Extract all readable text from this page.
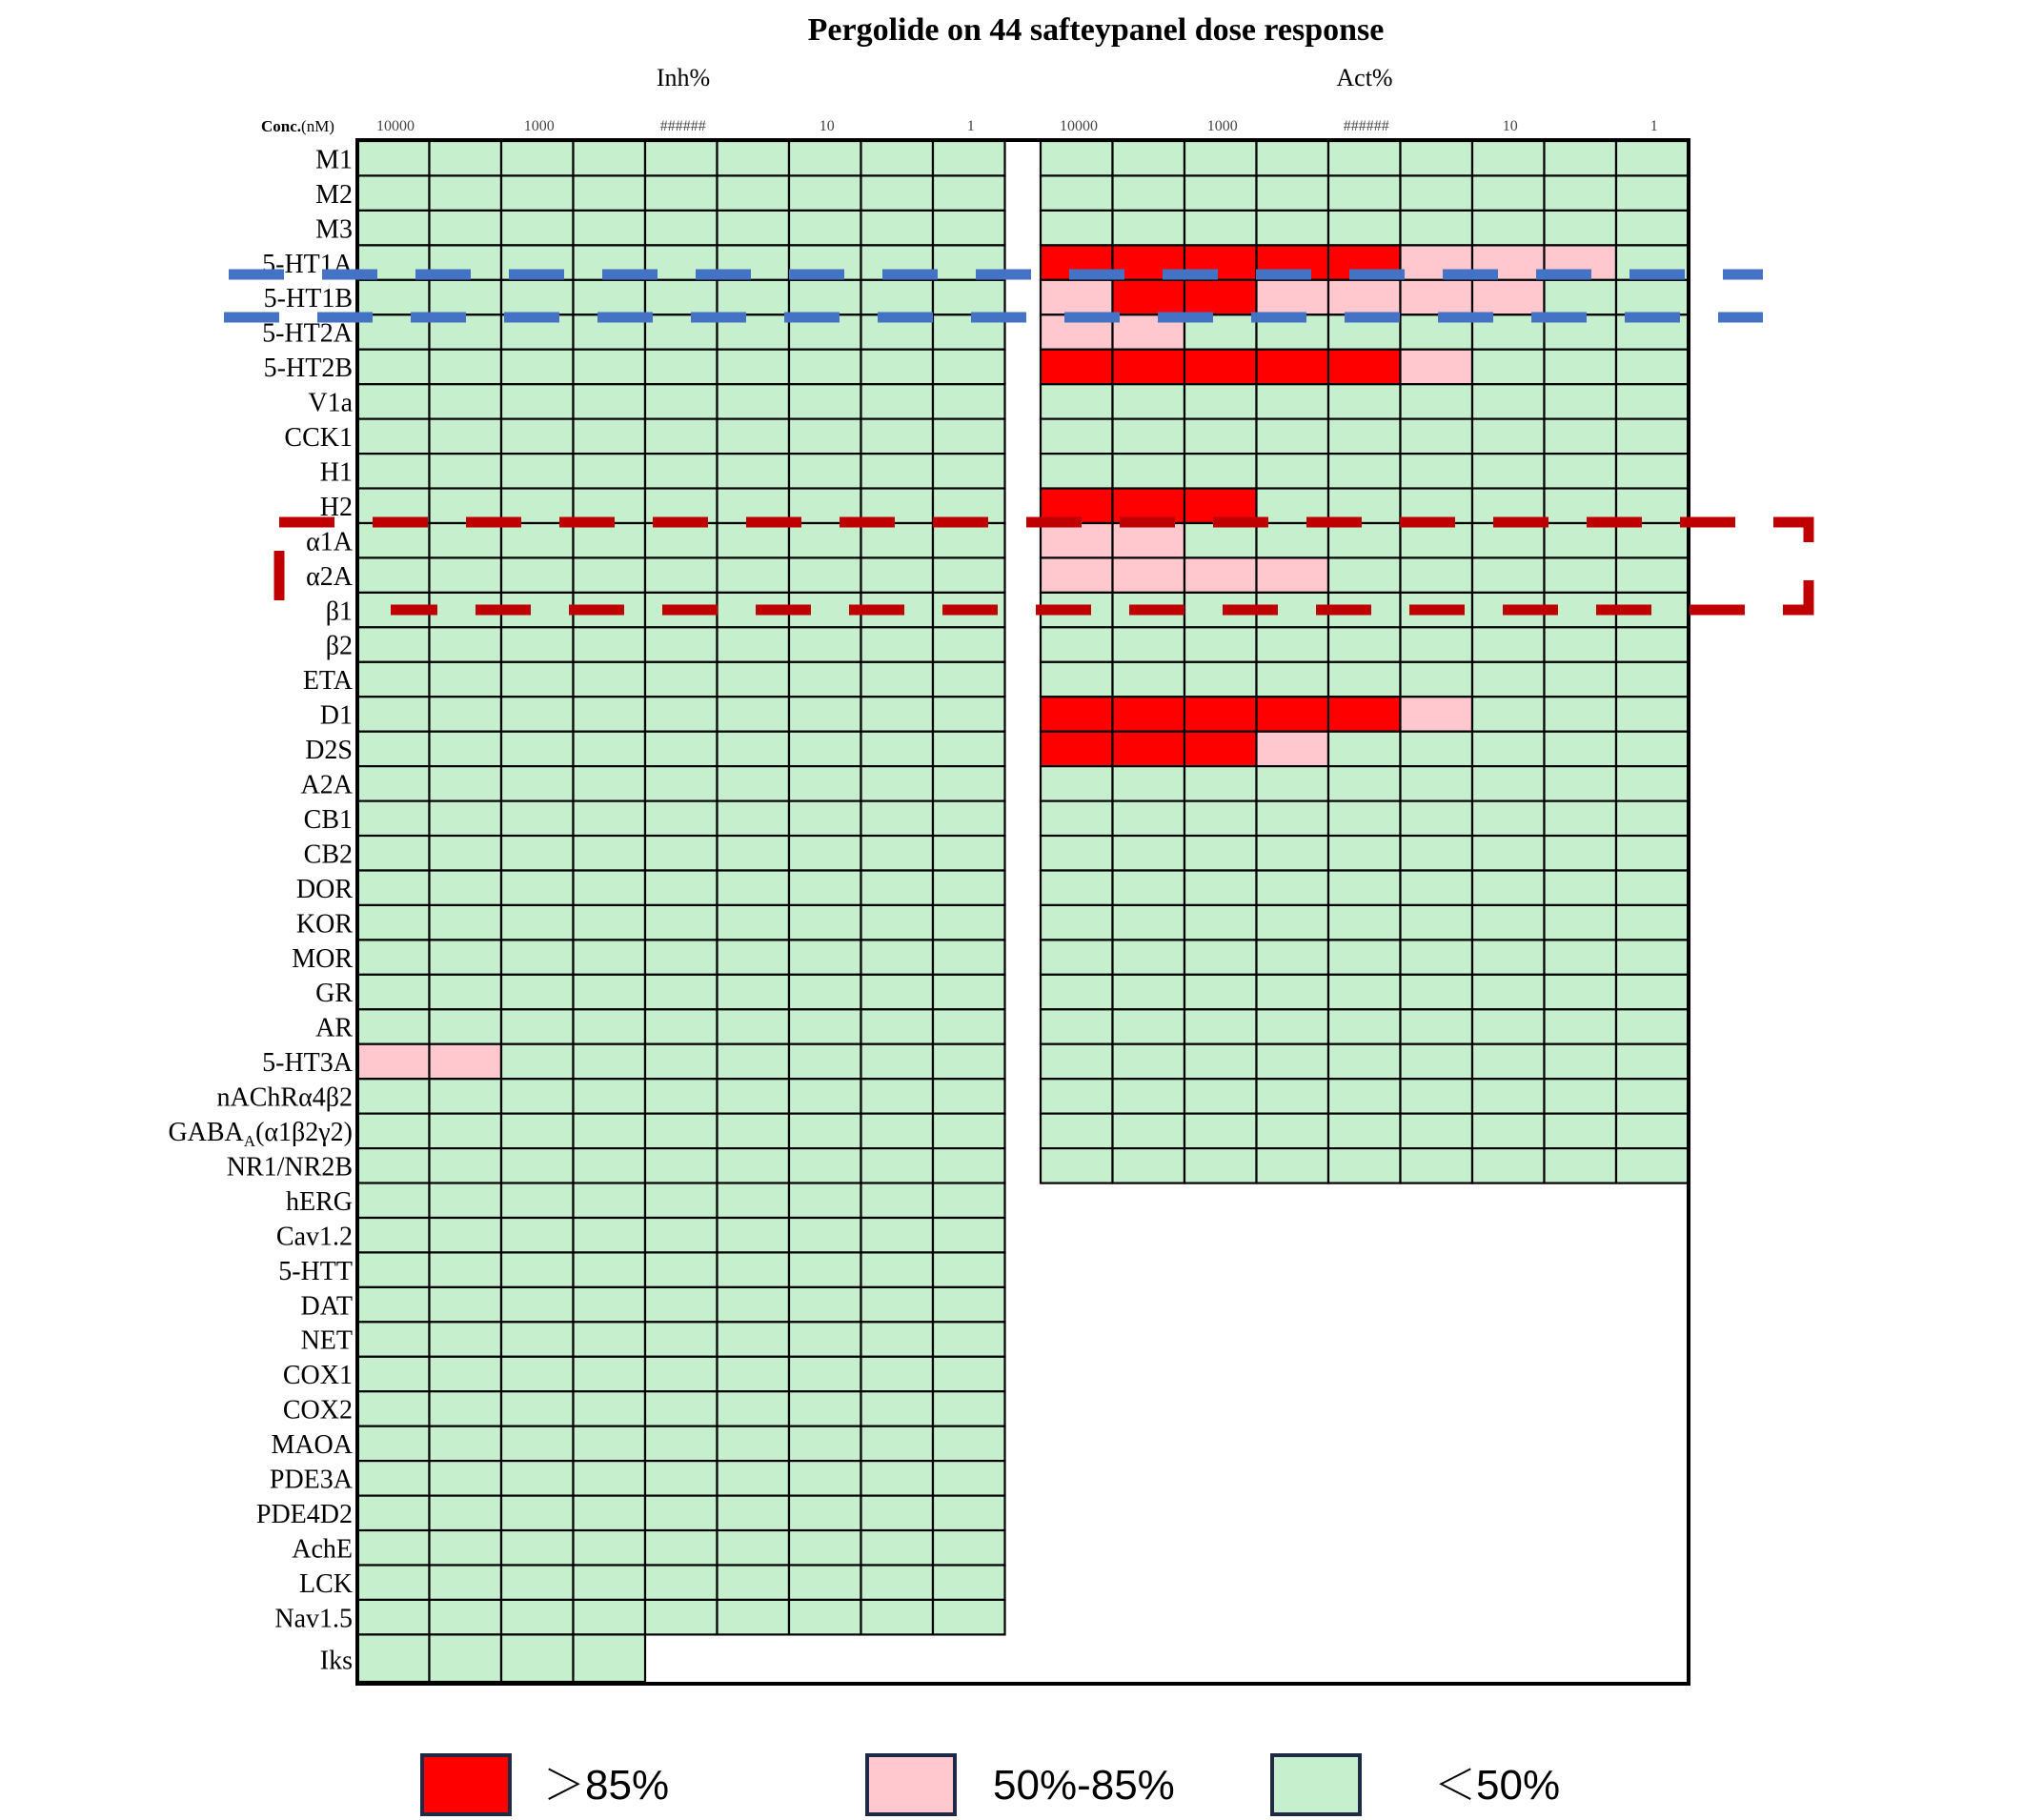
Pergolide on 44 safteypanel dose response
Inh%	Act%
Conc.(nM)
M1
M2
M3
5-HT1A
5-HT1B
5-HT2A
5-HT2B
V1a
CCK1
H1
H2
α1A
α2A
β1
β2
ETA
D1
D2S
A2A
CB1
CB2
DOR
KOR
MOR
GR
AR
5-HT3A
nAChRα4β2
$GABA_A(\alpha 1\beta 2\gamma 2)$
NR1/NR2B
hERG
Cav1.2
5-HTT
DAT
NET
COX1
COX2
MAOA
PDE3A
PDE4D2
AchE
LCK
Nav1.5
Iks
10000	1000	######	10	1	10000	1000	######	10	1
＞85%	50%-85%	＜50%
